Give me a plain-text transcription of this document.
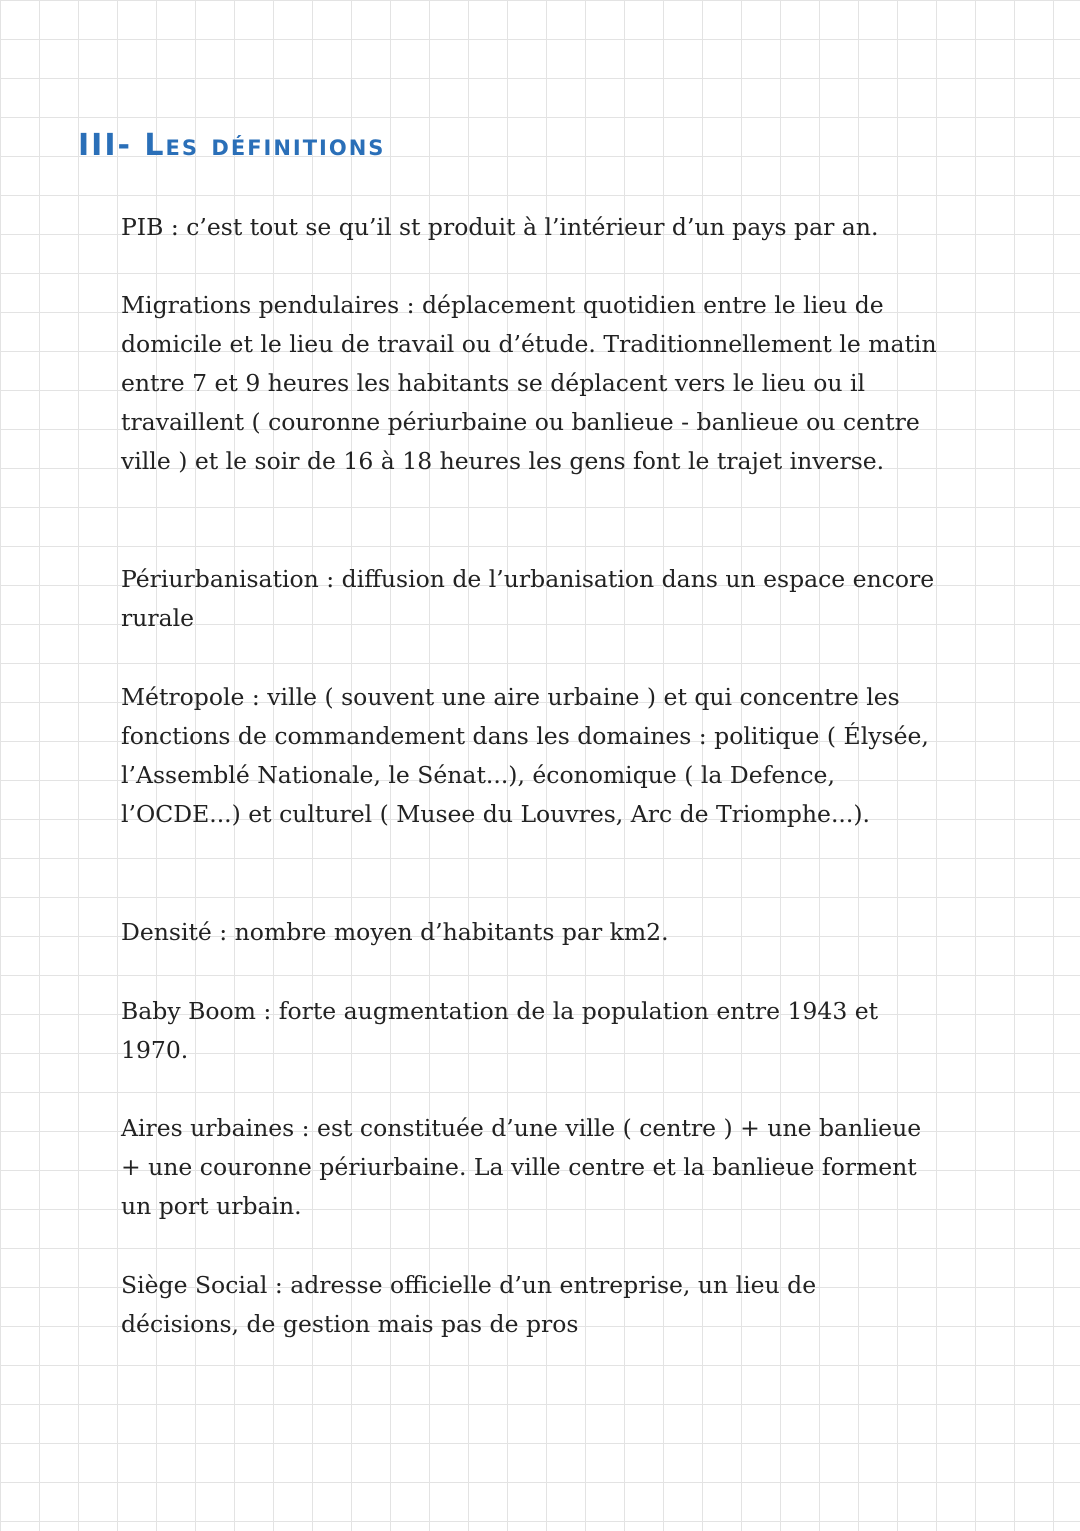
III- Les définitions

PIB : c’est tout se qu’il st produit à l’intérieur d’un pays par an.

Migrations pendulaires : déplacement quotidien entre le lieu de domicile et le lieu de travail ou d’étude. Traditionnellement le matin entre 7 et 9 heures les habitants se déplacent vers le lieu ou il travaillent ( couronne périurbaine ou banlieue - banlieue ou centre ville ) et le soir de 16 à 18 heures les gens font le trajet inverse.

Périurbanisation : diffusion de l’urbanisation dans un espace encore rurale

Métropole : ville ( souvent une aire urbaine ) et qui concentre les fonctions de commandement dans les domaines : politique ( Élysée, l’Assemblé Nationale, le Sénat...), économique ( la Defence, l’OCDE...) et culturel ( Musee du Louvres, Arc de Triomphe...).

Densité : nombre moyen d’habitants par km2.

Baby Boom : forte augmentation de la population entre 1943 et 1970.

Aires urbaines : est constituée d’une ville ( centre ) + une banlieue + une couronne périurbaine. La ville centre et la banlieue forment un port urbain.

Siège Social : adresse officielle d’un entreprise, un lieu de décisions, de gestion mais pas de pros
